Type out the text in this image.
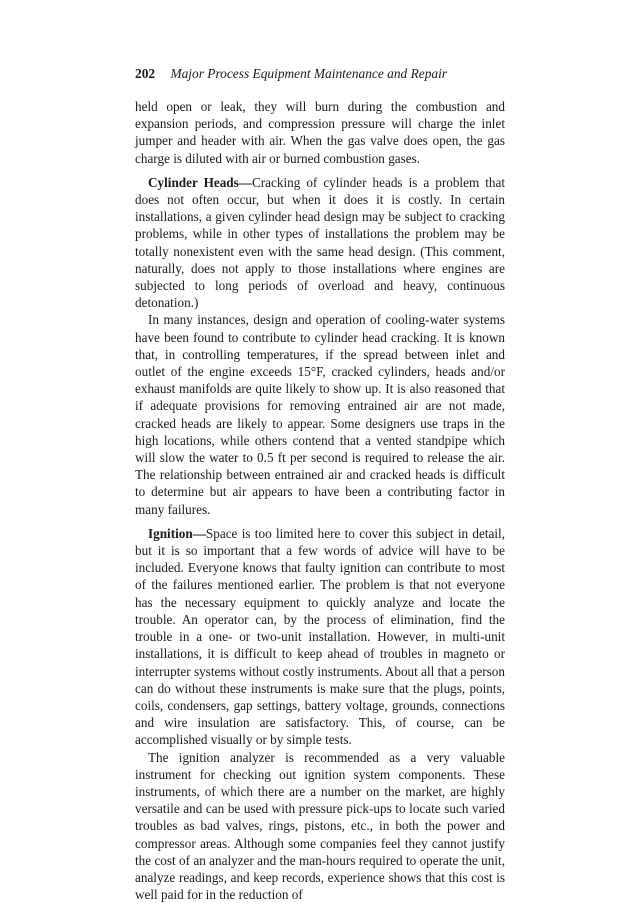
202 Major Process Equipment Maintenance and Repair

held open or leak, they will burn during the combustion and expansion periods, and compression pressure will charge the inlet jumper and header with air. When the gas valve does open, the gas charge is diluted with air or burned combustion gases.

Cylinder Heads—Cracking of cylinder heads is a problem that does not often occur, but when it does it is costly. In certain installations, a given cylinder head design may be subject to cracking problems, while in other types of installations the problem may be totally nonexistent even with the same head design. (This comment, naturally, does not apply to those installations where engines are subjected to long periods of overload and heavy, continuous detonation.)

In many instances, design and operation of cooling-water systems have been found to contribute to cylinder head cracking. It is known that, in controlling temperatures, if the spread between inlet and outlet of the engine exceeds 15°F, cracked cylinders, heads and/or exhaust manifolds are quite likely to show up. It is also reasoned that if adequate provisions for removing entrained air are not made, cracked heads are likely to appear. Some designers use traps in the high locations, while others contend that a vented standpipe which will slow the water to 0.5 ft per second is required to release the air. The relationship between entrained air and cracked heads is difficult to determine but air appears to have been a contributing factor in many failures.

Ignition—Space is too limited here to cover this subject in detail, but it is so important that a few words of advice will have to be included. Everyone knows that faulty ignition can contribute to most of the failures mentioned earlier. The problem is that not everyone has the necessary equipment to quickly analyze and locate the trouble. An operator can, by the process of elimination, find the trouble in a one- or two-unit installation. However, in multi-unit installations, it is difficult to keep ahead of troubles in magneto or interrupter systems without costly instruments. About all that a person can do without these instruments is make sure that the plugs, points, coils, condensers, gap settings, battery voltage, grounds, connections and wire insulation are satisfactory. This, of course, can be accomplished visually or by simple tests.

The ignition analyzer is recommended as a very valuable instrument for checking out ignition system components. These instruments, of which there are a number on the market, are highly versatile and can be used with pressure pick-ups to locate such varied troubles as bad valves, rings, pistons, etc., in both the power and compressor areas. Although some companies feel they cannot justify the cost of an analyzer and the man-hours required to operate the unit, analyze readings, and keep records, experience shows that this cost is well paid for in the reduction of
